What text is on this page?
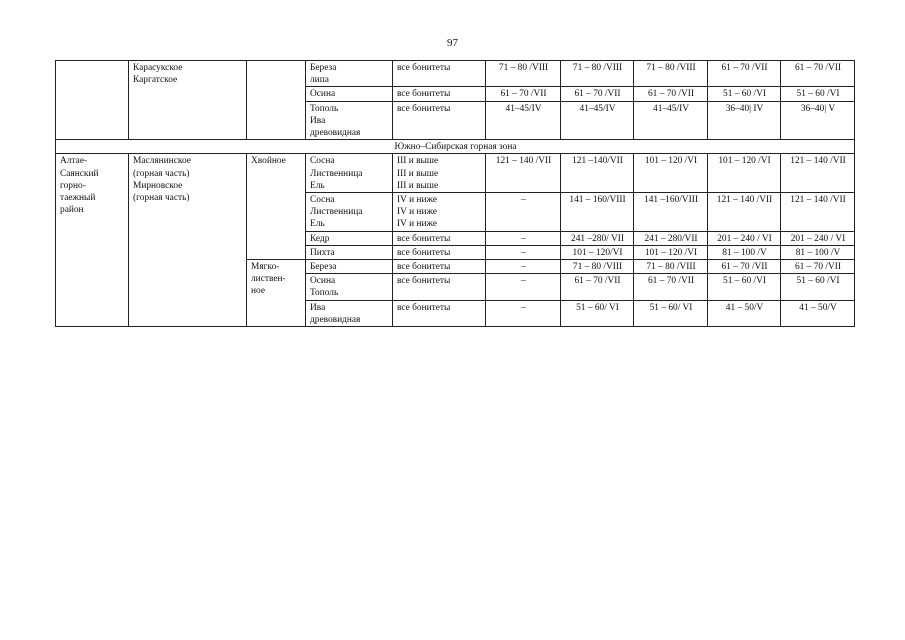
97

	Карасукское
Каргатское		Береза
липа	все бонитеты	71 – 80 /VIII	71 – 80 /VIII	71 – 80 /VIII	61 – 70 /VII	61 – 70 /VII

			Осина	все бонитеты	61 – 70 /VII	61 – 70 /VII	61 – 70 /VII	51 – 60 /VI	51 – 60 /VI

			Тополь
Ива
древовидная	все бонитеты	41–45/IV	41–45/IV	41–45/IV	36–40| IV	36–40| V
Южно–Сибирская горная зона									

Алтае-
Саянский
горно-
таежный
район	Маслянинское
(горная часть)
Мирновское
(горная часть)	Хвойное	Сосна
Лиственница
Ель	III и выше
III и выше
III и выше	121 – 140 /VII	121 –140/VII	101 – 120 /VI	101 – 120 /VI	121 – 140 /VII

			Сосна
Лиственница
Ель	IV и ниже
IV и ниже
IV и ниже	–	141 – 160/VIII	141 –160/VIII	121 – 140 /VII	121 – 140 /VII

			Кедр	все бонитеты	–	241 –280/ VII	241 – 280/VII	201 – 240 / VI	201 – 240 / VI

			Пихта	все бонитеты	–	101 – 120/VI	101 – 120 /VI	81 – 100 /V	81 – 100 /V

		Мягко-
листвен-
ное	Береза	все бонитеты	–	71 – 80 /VIII	71 – 80 /VIII	61 – 70 /VII	61 – 70 /VII

			Осина
Тополь	все бонитеты	–	61 – 70 /VII	61 – 70 /VII	51 – 60 /VI	51 – 60 /VI

			Ива
древовидная	все бонитеты	–	51 – 60/ VI	51 – 60/ VI	41 – 50/V	41 – 50/V
